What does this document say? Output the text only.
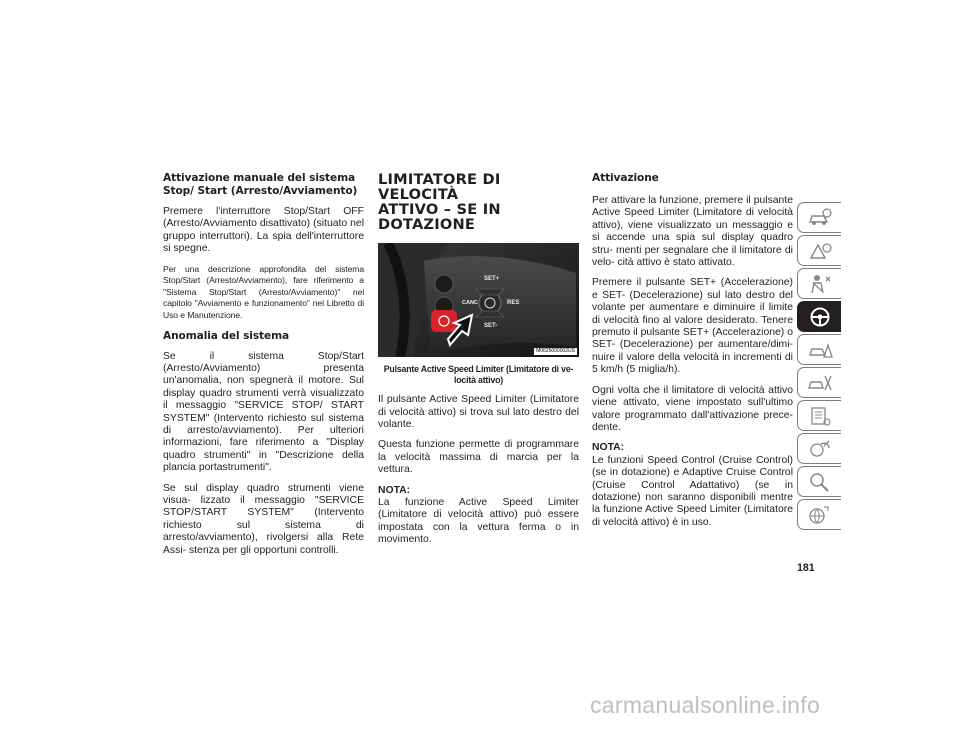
Attivazione manuale del sistema Stop/ Start (Arresto/Avviamento)

Premere l'interruttore Stop/Start OFF (Arresto/Avviamento disattivato) (situato nel gruppo interruttori). La spia dell'interruttore si spegne.

Per una descrizione approfondita del sistema Stop/Start (Arresto/Avviamento), fare riferimento a "Sistema Stop/Start (Arresto/Avviamento)" nel capitolo "Avviamento e funzionamento" nel Libretto di Uso e Manutenzione.

Anomalia del sistema

Se il sistema Stop/Start (Arresto/Avviamento) presenta un'anomalia, non spegnerà il motore. Sul display quadro strumenti verrà visualizzato il messaggio "SERVICE STOP/ START SYSTEM" (Intervento richiesto sul sistema di arresto/avviamento). Per ulteriori informazioni, fare riferimento a "Display quadro strumenti" in "Descrizione della plancia portastrumenti".

Se sul display quadro strumenti viene visua- lizzato il messaggio "SERVICE STOP/START SYSTEM" (Intervento richiesto sul sistema di arresto/avviamento), rivolgersi alla Rete Assi- stenza per gli opportuni controlli.

LIMITATORE DI VELOCITÀ
ATTIVO – SE IN DOTAZIONE
SET+
CANC	RES
SET-
M0625000002US
Pulsante Active Speed Limiter (Limitatore di ve- locità attivo)

Il pulsante Active Speed Limiter (Limitatore di velocità attivo) si trova sul lato destro del volante.

Questa funzione permette di programmare la velocità massima di marcia per la vettura.

NOTA:

La funzione Active Speed Limiter (Limitatore di velocità attivo) può essere impostata con la vettura ferma o in movimento.

Attivazione

Per attivare la funzione, premere il pulsante Active Speed Limiter (Limitatore di velocità attivo), viene visualizzato un messaggio e si accende una spia sul display quadro stru- menti per segnalare che il limitatore di velo- cità attivo è stato attivato.

Premere il pulsante SET+ (Accelerazione) e SET- (Decelerazione) sul lato destro del volante per aumentare e diminuire il limite di velocità fino al valore desiderato. Tenere premuto il pulsante SET+ (Accelerazione) o SET- (Decelerazione) per aumentare/dimi- nuire il valore della velocità in incrementi di 5 km/h (5 miglia/h).

Ogni volta che il limitatore di velocità attivo viene attivato, viene impostato sull'ultimo valore programmato dall'attivazione prece- dente.

NOTA:

Le funzioni Speed Control (Cruise Control) (se in dotazione) e Adaptive Cruise Control (Cruise Control Adattativo) (se in dotazione) non saranno disponibili mentre la funzione Active Speed Limiter (Limitatore di velocità attivo) è in uso.

181
carmanualsonline.info
